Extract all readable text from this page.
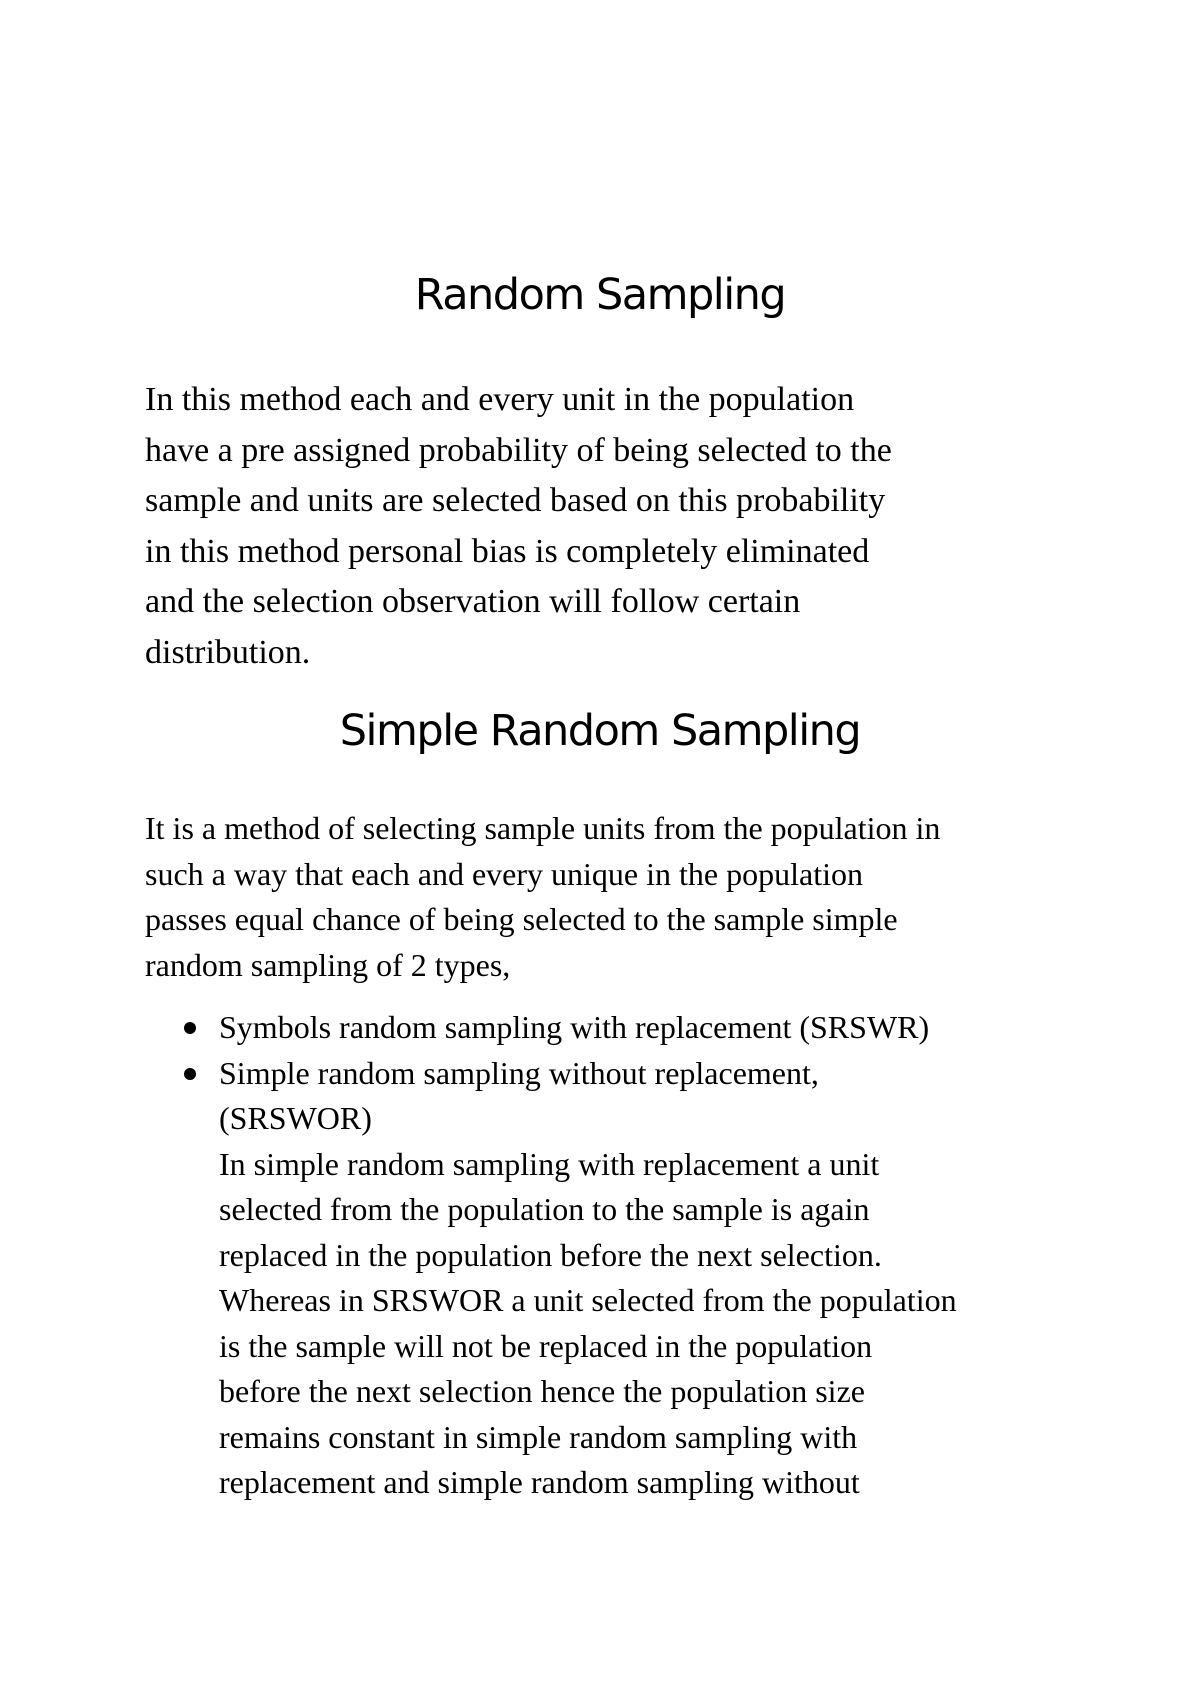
Random Sampling

In this method each and every unit in the population
have a pre assigned probability of being selected to the
sample and units are selected based on this probability
in this method personal bias is completely eliminated
and the selection observation will follow certain
distribution.

Simple Random Sampling

It is a method of selecting sample units from the population in
such a way that each and every unique in the population
passes equal chance of being selected to the sample simple
random sampling of 2 types,

Symbols random sampling with replacement (SRSWR)
Simple random sampling without replacement,
(SRSWOR)
In simple random sampling with replacement a unit
selected from the population to the sample is again
replaced in the population before the next selection.
Whereas in SRSWOR a unit selected from the population
is the sample will not be replaced in the population
before the next selection hence the population size
remains constant in simple random sampling with
replacement and simple random sampling without
